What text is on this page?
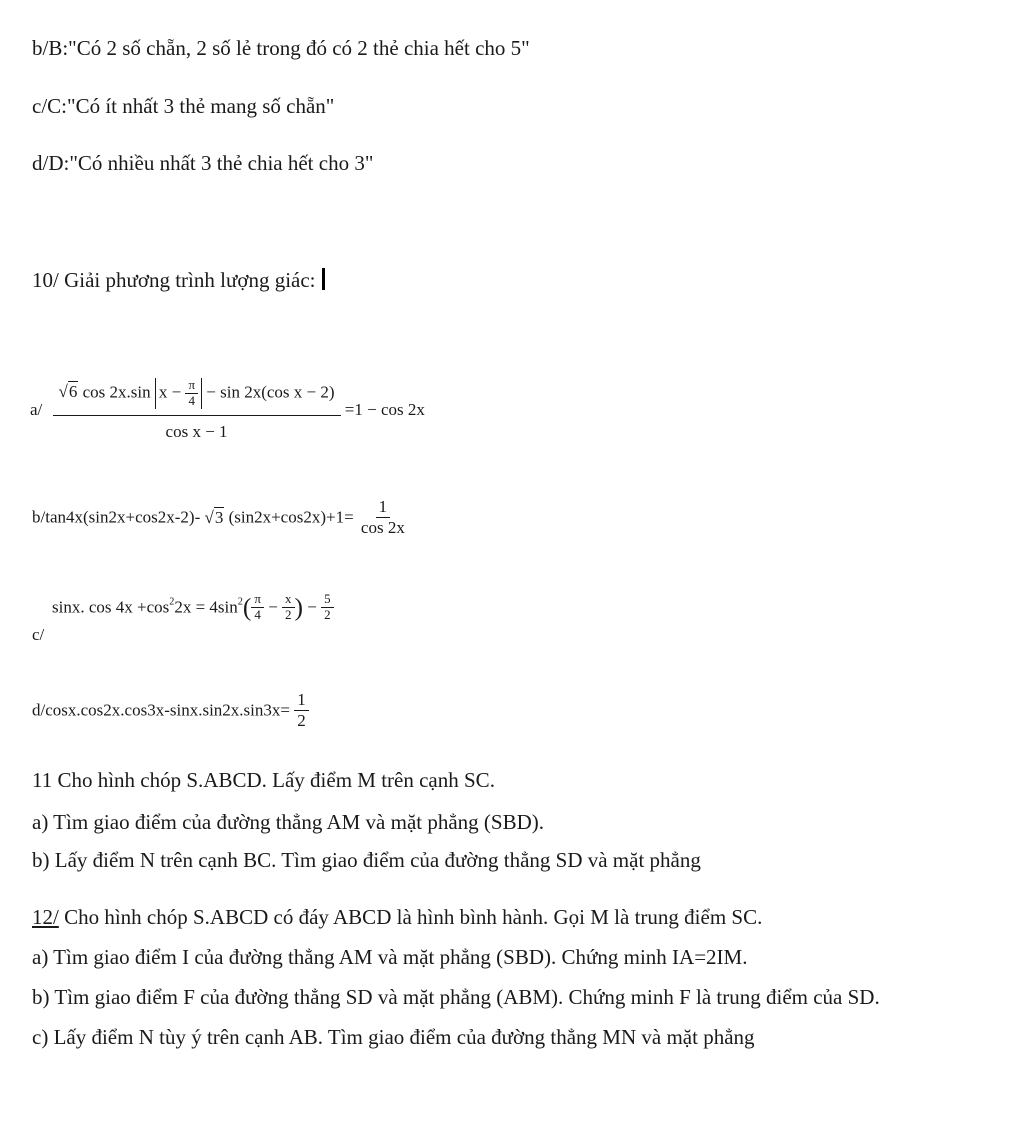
b/B:"Có 2 số chẵn, 2 số lẻ trong đó có 2 thẻ chia hết cho 5"
c/C:"Có ít nhất 3 thẻ mang số chẵn"
d/D:"Có nhiều nhất 3 thẻ chia hết cho 3"
10/ Giải phương trình lượng giác:
a/
√6 cos 2x.sin $x - \frac{\pi}{4} - \sin 2x(\cos$ x − 2)
cos x − 1
=1 − cos 2x
b/tan4x(sin2x+cos2x-2)- √3 $(\sin 2x+\cos 2x)+1= \frac{1}{\cos 2x}$
c/
sinx. $\cos 4x +\cos^22x = 4\sin^2( \frac{\pi}{4} - \frac{x}{2}$ ) − $\frac{5}{2}$
$d/\cos x.\cos 2x.\cos 3x-\sin x.\sin 2x.\sin 3x= \frac{1}{2}$
11 Cho hình chóp S.ABCD. Lấy điểm M trên cạnh SC.
a) Tìm giao điểm của đường thẳng AM và mặt phẳng (SBD).
b) Lấy điểm N trên cạnh BC. Tìm giao điểm của đường thẳng SD và mặt phẳng
12/ Cho hình chóp S.ABCD có đáy ABCD là hình bình hành. Gọi M là trung điểm SC.
a) Tìm giao điểm I của đường thẳng AM và mặt phẳng (SBD). Chứng minh IA=2IM.
b) Tìm giao điểm F của đường thẳng SD và mặt phẳng (ABM). Chứng minh F là trung điểm của SD.
c) Lấy điểm N tùy ý trên cạnh AB. Tìm giao điểm của đường thẳng MN và mặt phẳng
